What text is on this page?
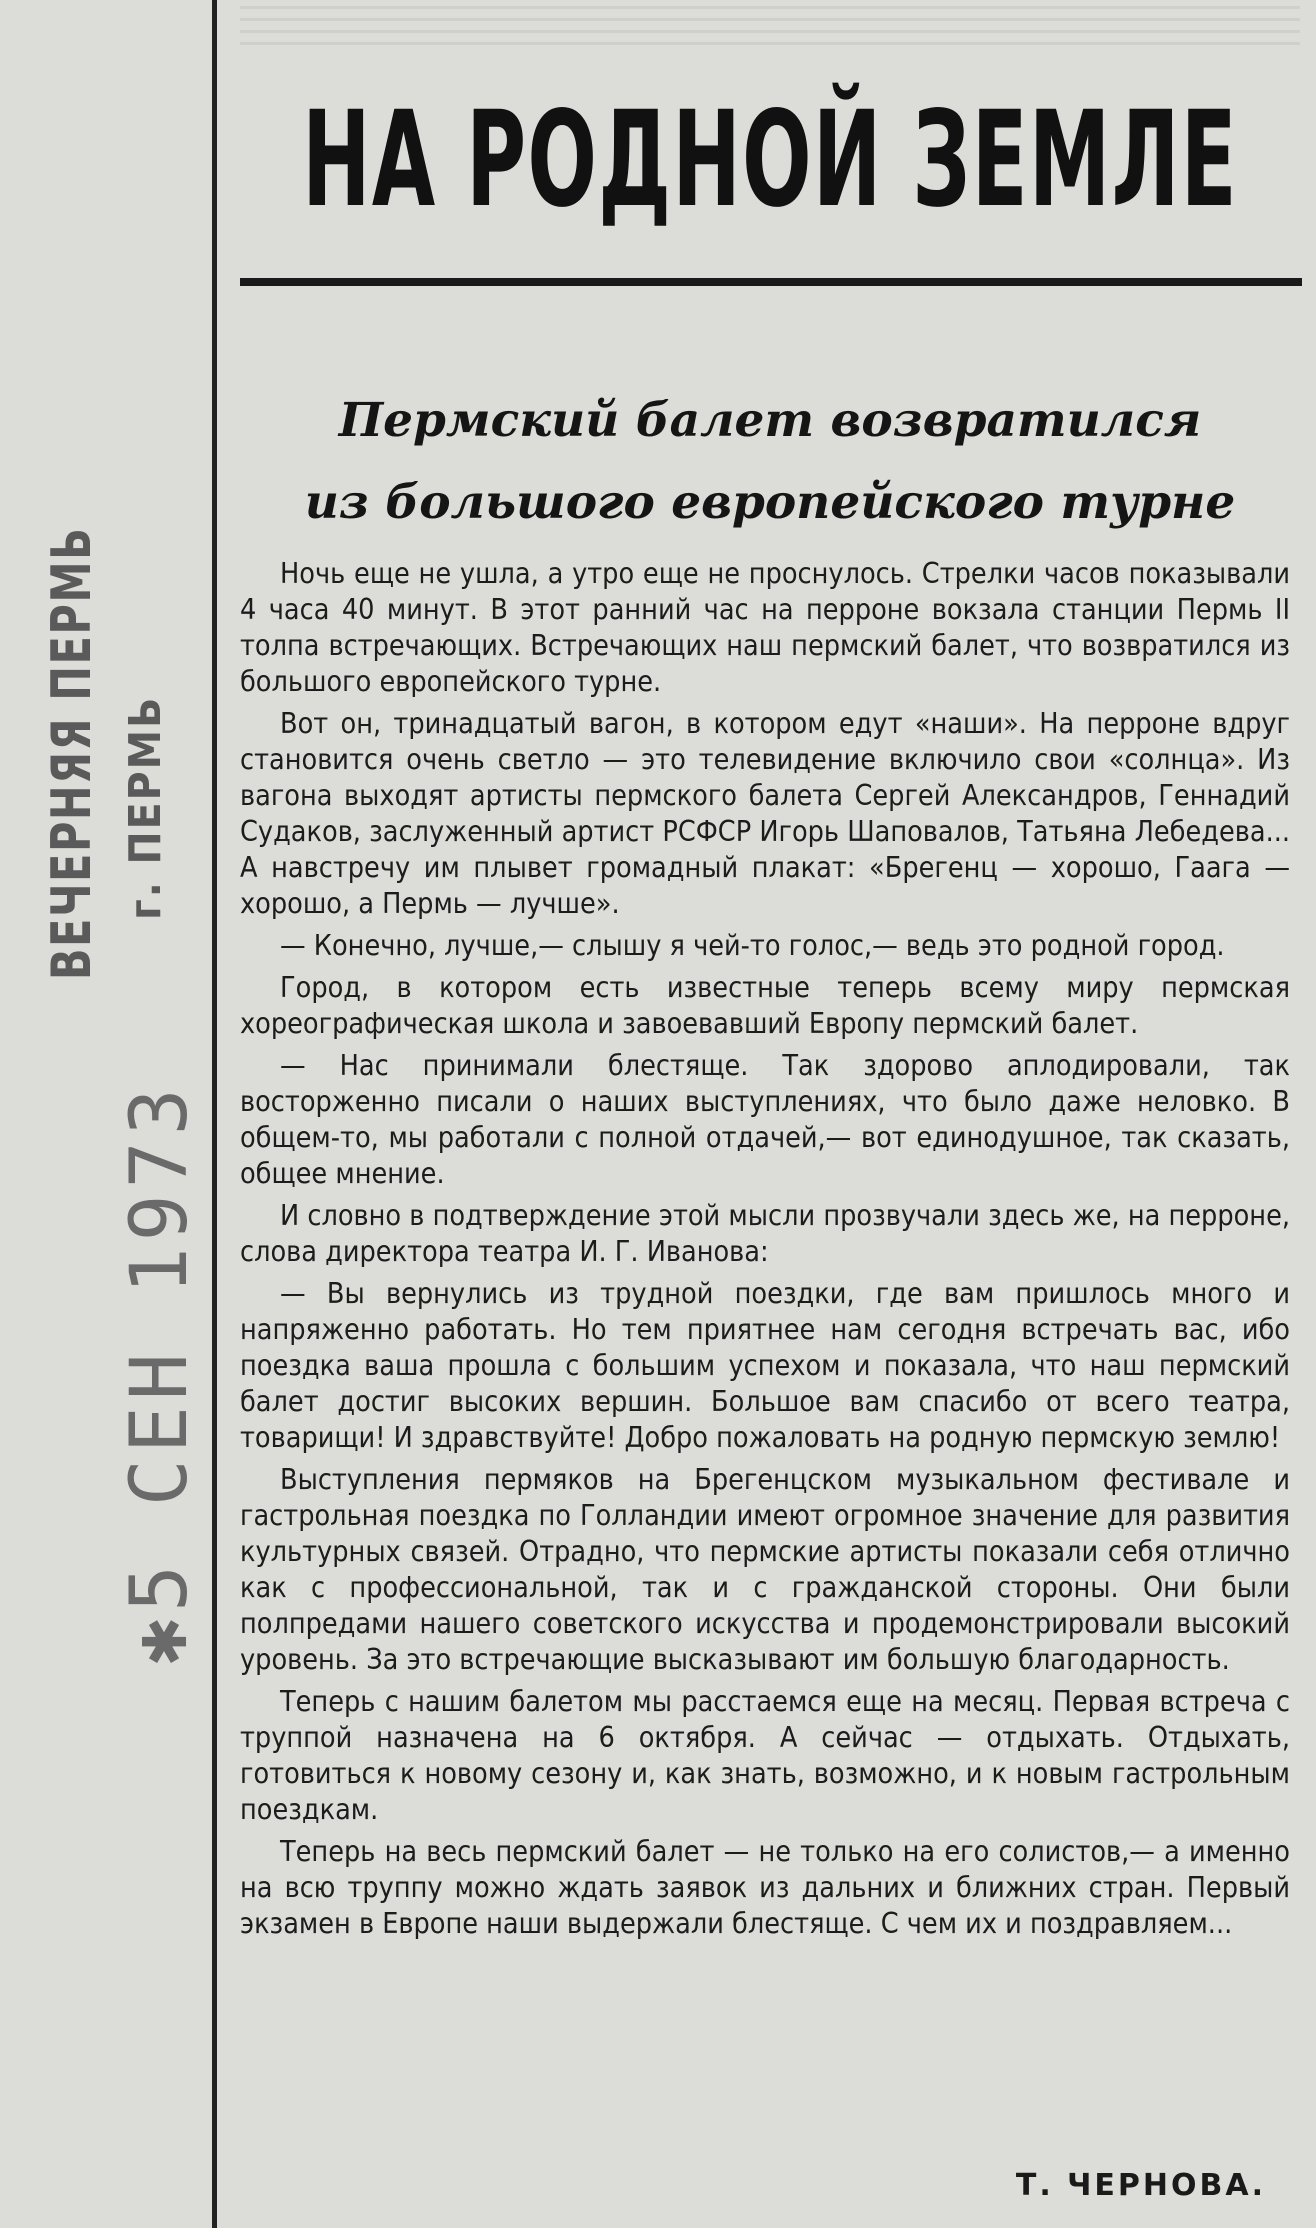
ВЕЧЕРНЯЯ ПЕРМЬ г. ПЕРМЬ
✱5 СЕН 1973
НА РОДНОЙ ЗЕМЛЕ
Пермский балет возвратился
из большого европейского турне

Ночь еще не ушла, а утро еще не проснулось. Стрелки часов показывали 4 часа 40 минут. В этот ранний час на перроне вокзала станции Пермь II толпа встречающих. Встречающих наш пермский балет, что возвратился из большого европейского турне.

Вот он, тринадцатый вагон, в котором едут «наши». На перроне вдруг становится очень светло — это телевидение включило свои «солнца». Из вагона выходят артисты пермского балета Сергей Александров, Геннадий Судаков, заслуженный артист РСФСР Игорь Шаповалов, Татьяна Лебедева... А навстречу им плывет громадный плакат: «Брегенц — хорошо, Гаага — хорошо, а Пермь — лучше».

— Конечно, лучше,— слышу я чей-то голос,— ведь это родной город.

Город, в котором есть известные теперь всему миру пермская хореографическая школа и завоевавший Европу пермский балет.

— Нас принимали блестяще. Так здорово аплодировали, так восторженно писали о наших выступлениях, что было даже неловко. В общем-то, мы работали с полной отдачей,— вот единодушное, так сказать, общее мнение.

И словно в подтверждение этой мысли прозвучали здесь же, на перроне, слова директора театра И. Г. Иванова:

— Вы вернулись из трудной поездки, где вам пришлось много и напряженно работать. Но тем приятнее нам сегодня встречать вас, ибо поездка ваша прошла с большим успехом и показала, что наш пермский балет достиг высоких вершин. Большое вам спасибо от всего театра, товарищи! И здравствуйте! Добро пожаловать на родную пермскую землю!

Выступления пермяков на Брегенцском музыкальном фестивале и гастрольная поездка по Голландии имеют огромное значение для развития культурных связей. Отрадно, что пермские артисты показали себя отлично как с профессиональной, так и с гражданской стороны. Они были полпредами нашего советского искусства и продемонстрировали высокий уровень. За это встречающие высказывают им большую благодарность.

Теперь с нашим балетом мы расстаемся еще на месяц. Первая встреча с труппой назначена на 6 октября. А сейчас — отдыхать. Отдыхать, готовиться к новому сезону и, как знать, возможно, и к новым гастрольным поездкам.

Теперь на весь пермский балет — не только на его солистов,— а именно на всю труппу можно ждать заявок из дальних и ближних стран. Первый экзамен в Европе наши выдержали блестяще. С чем их и поздравляем...

Т. ЧЕРНОВА.
